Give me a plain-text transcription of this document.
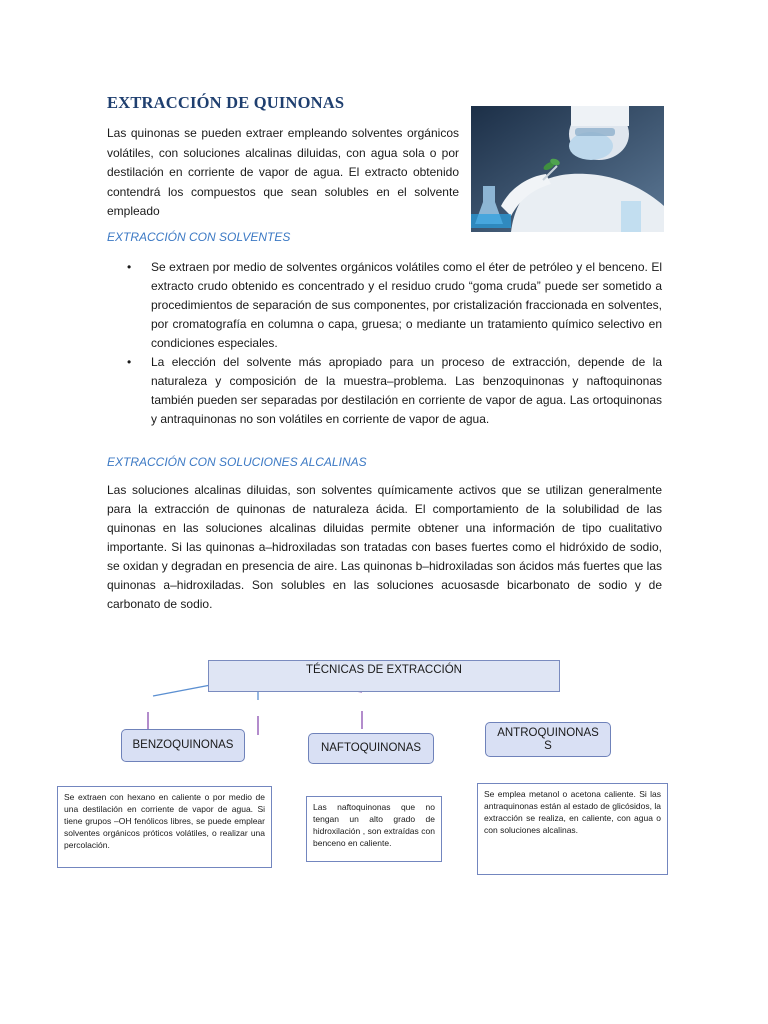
EXTRACCIÓN DE QUINONAS
Las quinonas se pueden extraer empleando solventes orgánicos volátiles, con soluciones alcalinas diluidas, con agua sola o por destilación en corriente de vapor de agua. El extracto obtenido contendrá los compuestos que sean solubles en el solvente empleado
EXTRACCIÓN CON SOLVENTES
• Se extraen por medio de solventes orgánicos volátiles como el éter de petróleo y el benceno. El extracto crudo obtenido es concentrado y el residuo crudo “goma cruda” puede ser sometido a procedimientos de separación de sus componentes, por cristalización fraccionada en solventes, por cromatografía en columna o capa, gruesa; o mediante un tratamiento químico selectivo en condiciones especiales.
• La elección del solvente más apropiado para un proceso de extracción, depende de la naturaleza y composición de la muestra–problema. Las benzoquinonas y naftoquinonas también pueden ser separadas por destilación en corriente de vapor de agua. Las ortoquinonas y antraquinonas no son volátiles en corriente de vapor de agua.
EXTRACCIÓN CON SOLUCIONES ALCALINAS
Las soluciones alcalinas diluidas, son solventes químicamente activos que se utilizan generalmente para la extracción de quinonas de naturaleza ácida. El comportamiento de la solubilidad de las quinonas en las soluciones alcalinas diluidas permite obtener una información de tipo cualitativo importante. Si las quinonas a–hidroxiladas son tratadas con bases fuertes como el hidróxido de sodio, se oxidan y degradan en presencia de aire. Las quinonas b–hidroxiladas son ácidos más fuertes que las quinonas a–hidroxiladas. Son solubles en las soluciones acuosasde bicarbonato de sodio y de carbonato de sodio.
TÉCNICAS DE EXTRACCIÓN
BENZOQUINONAS	NAFTOQUINONAS
ANTROQUINONAS
S
Se extraen con hexano en caliente o por medio de una destilación en corriente de vapor de agua. Si tiene grupos –OH fenólicos libres, se puede emplear solventes orgánicos próticos volátiles, o realizar una percolación.
Las naftoquinonas que no tengan un alto grado de hidroxilación , son extraídas con benceno en caliente.
Se emplea metanol o acetona caliente. Si las antraquinonas están al estado de glicósidos, la extracción se realiza, en caliente, con agua o con soluciones alcalinas.
